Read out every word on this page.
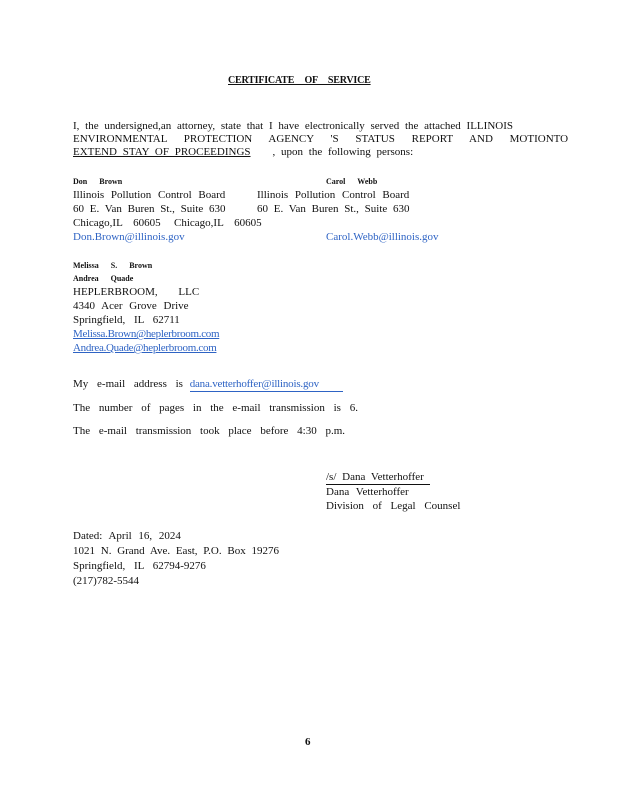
CERTIFICATE OF SERVICE
I, the undersigned,an attorney, state that I have electronically served the attached ILLINOIS
ENVIRONMENTAL PROTECTION AGENCY 'S STATUS REPORT AND MOTIONTO
EXTEND STAY OF PROCEEDINGS	, upon the following persons:
Don Brown
Illinois Pollution Control Board
60 E. Van Buren St., Suite 630
Chicago,IL 60605
Don.Brown@illinois.gov
Carol Webb
Illinois Pollution Control Board
60 E. Van Buren St., Suite 630
Chicago,IL 60605
Carol.Webb@illinois.gov
Melissa S. Brown
Andrea Quade
HEPLERBROOM, LLC
4340 Acer Grove Drive
Springfield, IL 62711
Melissa.Brown@heplerbroom.com
Andrea.Quade@heplerbroom.com
My e-mail address is dana.vetterhoffer@illinois.gov
The number of pages in the e-mail transmission is 6.
The e-mail transmission took place before 4:30 p.m.
/s/ Dana Vetterhoffer
Dana Vetterhoffer
Division of Legal Counsel
Dated: April 16, 2024
1021 N. Grand Ave. East, P.O. Box 19276
Springfield, IL 62794-9276
(217)782-5544
6
